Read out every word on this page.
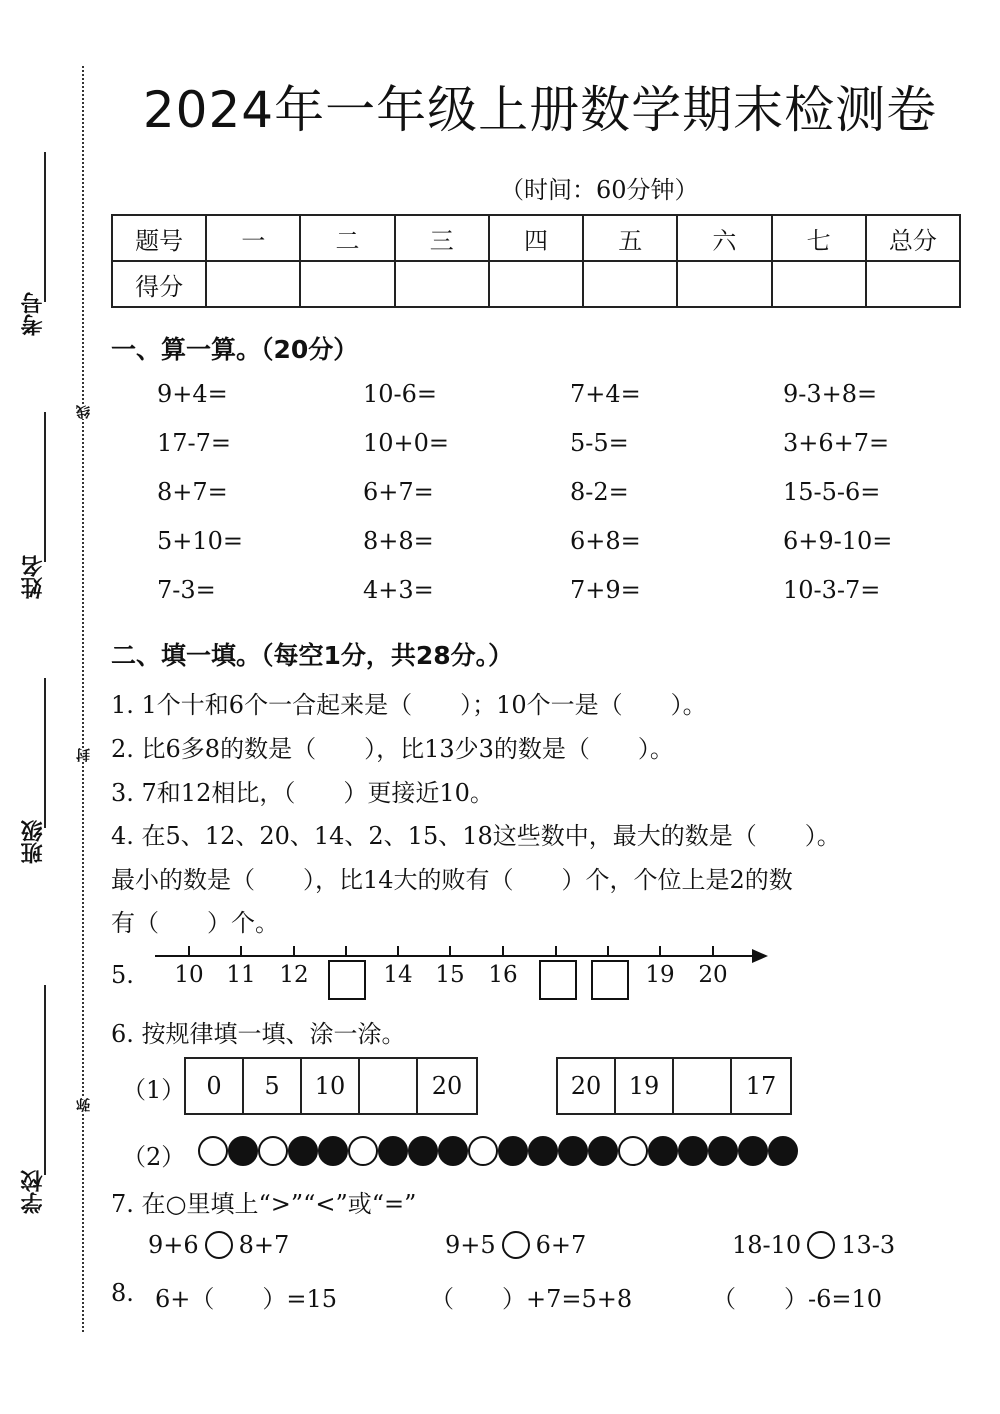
考号
姓名
班级
学校
线
封
弥
2024年一年级上册数学期末检测卷
（时间：60分钟）
题号	一	二	三	四	五	六	七	总分
得分								
一、算一算。（20分）
9+4=	10-6=	7+4=	9-3+8=
17-7=	10+0=	5-5=	3+6+7=
8+7=	6+7=	8-2=	15-5-6=
5+10=	8+8=	6+8=	6+9-10=
7-3=	4+3=	7+9=	10-3-7=
二、填一填。（每空1分，共28分。）
1. 1个十和6个一合起来是（　　）；10个一是（　　）。
2. 比6多8的数是（　　），比13少3的数是（　　）。
3. 7和12相比，（　　）更接近10。
4. 在5、12、20、14、2、15、18这些数中，最大的数是（　　）。
最小的数是（　　），比14大的败有（　　）个，个位上是2的数
有（　　）个。
5. 10 11 12	14 15 16	19 20
6. 按规律填一填、涂一涂。
（1） 0	5	10	20	20	19	17
（2）
7. 在○里填上“>”“<”或“=”
9+6 8+7	9+5 6+7	18-10 13-3
8. 6+（　　）=15	（　　）+7=5+8	（　　）-6=10
